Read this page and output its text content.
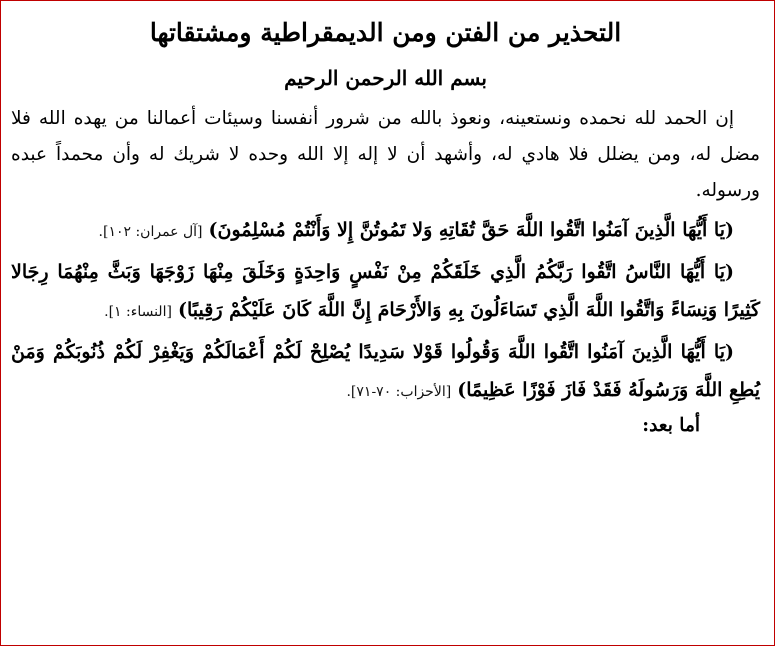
التحذير من الفتن ومن الديمقراطية ومشتقاتها
بسم الله الرحمن الرحيم

إن الحمد لله نحمده ونستعينه، ونعوذ بالله من شرور أنفسنا وسيئات أعمالنا من يهده الله فلا مضل له، ومن يضلل فلا هادي له، وأشهد أن لا إله إلا الله وحده لا شريك له وأن محمداً عبده ورسوله.

(يَا أَيُّهَا الَّذِينَ آمَنُوا اتَّقُوا اللَّهَ حَقَّ تُقَاتِهِ وَلا تَمُوتُنَّ إِلا وَأَنْتُمْ مُسْلِمُونَ) [آل عمران: ١٠٢].

(يَا أَيُّهَا النَّاسُ اتَّقُوا رَبَّكُمُ الَّذِي خَلَقَكُمْ مِنْ نَفْسٍ وَاحِدَةٍ وَخَلَقَ مِنْهَا زَوْجَهَا وَبَثَّ مِنْهُمَا رِجَالا كَثِيرًا وَنِسَاءً وَاتَّقُوا اللَّهَ الَّذِي تَسَاءَلُونَ بِهِ وَالأَرْحَامَ إِنَّ اللَّهَ كَانَ عَلَيْكُمْ رَقِيبًا) [النساء: ١].

(يَا أَيُّهَا الَّذِينَ آمَنُوا اتَّقُوا اللَّهَ وَقُولُوا قَوْلا سَدِيدًا يُصْلِحْ لَكُمْ أَعْمَالَكُمْ وَيَغْفِرْ لَكُمْ ذُنُوبَكُمْ وَمَنْ يُطِعِ اللَّهَ وَرَسُولَهُ فَقَدْ فَازَ فَوْزًا عَظِيمًا) [الأحزاب: ٧٠-٧١].

أما بعد:
